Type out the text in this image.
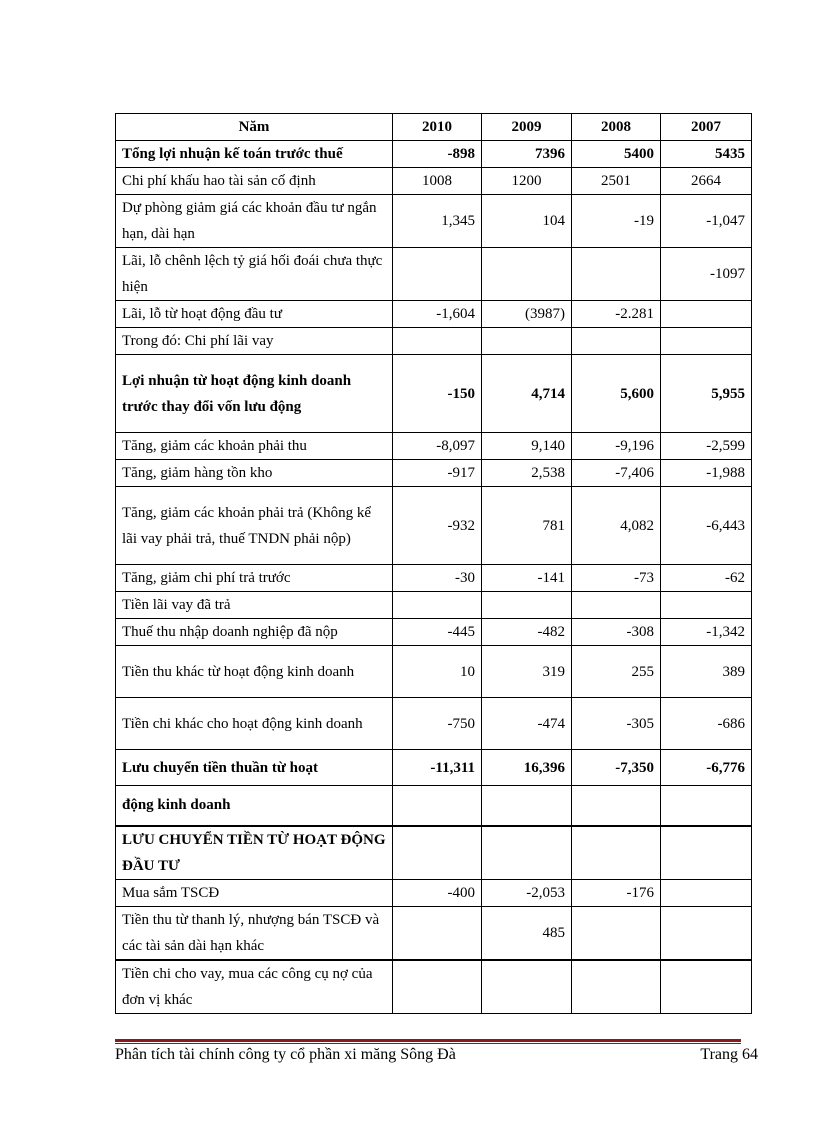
Năm	2010	2009	2008	2007
Tổng lợi nhuận kế toán trước thuế	-898	7396	5400	5435
Chi phí khấu hao tài sản cố định	1008	1200	2501	2664
Dự phòng giảm giá các khoản đầu tư ngắn hạn, dài hạn	1,345	104	-19	-1,047
Lãi, lỗ chênh lệch tỷ giá hối đoái chưa thực hiện				-1097
Lãi, lỗ từ hoạt động đầu tư	-1,604	(3987)	-2.281	
Trong đó: Chi phí lãi vay				
Lợi nhuận từ hoạt động kinh doanh trước thay đổi vốn lưu động	-150	4,714	5,600	5,955
Tăng, giảm các khoản phải thu	-8,097	9,140	-9,196	-2,599
Tăng, giảm hàng tồn kho	-917	2,538	-7,406	-1,988
Tăng, giảm các khoản phải trả (Không kể lãi vay phải trả, thuế TNDN phải nộp)	-932	781	4,082	-6,443
Tăng, giảm chi phí trả trước	-30	-141	-73	-62
Tiền lãi vay đã trả				
Thuế thu nhập doanh nghiệp đã nộp	-445	-482	-308	-1,342
Tiền thu khác từ hoạt động kinh doanh	10	319	255	389
Tiền chi khác cho hoạt động kinh doanh	-750	-474	-305	-686
Lưu chuyển tiền thuần từ hoạt	-11,311	16,396	-7,350	-6,776
động kinh doanh				
LƯU CHUYỂN TIỀN TỪ HOẠT ĐỘNG ĐẦU TƯ				
Mua sắm TSCĐ	-400	-2,053	-176	
Tiền thu từ thanh lý, nhượng bán TSCĐ và các tài sản dài hạn khác		485		
Tiền chi cho vay, mua các công cụ nợ của đơn vị khác				
Phân tích tài chính công ty cổ phần xi măng Sông Đà	Trang 64
